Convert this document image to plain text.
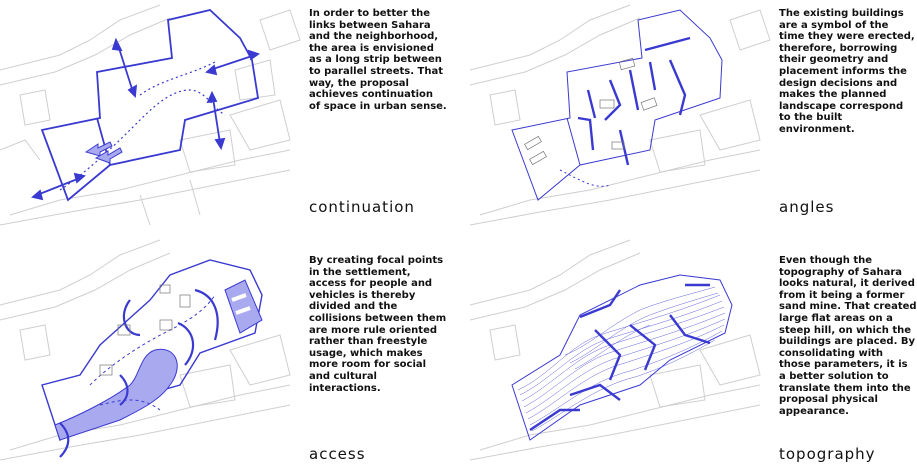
In order to better the
links between Sahara
and the neighborhood,
the area is envisioned
as a long strip between
to parallel streets. That
way, the proposal
achieves continuation
of space in urban sense.
continuation
The existing buildings
are a symbol of the
time they were erected,
therefore, borrowing
their geometry and
placement informs the
design decisions and
makes the planned
landscape correspond
to the built
environment.
angles
By creating focal points
in the settlement,
access for people and
vehicles is thereby
divided and the
collisions between them
are more rule oriented
rather than freestyle
usage, which makes
more room for social
and cultural
interactions.
access
Even though the
topography of Sahara
looks natural, it derived
from it being a former
sand mine. That created
large flat areas on a
steep hill, on which the
buildings are placed. By
consolidating with
those parameters, it is
a better solution to
translate them into the
proposal physical
appearance.
topography
